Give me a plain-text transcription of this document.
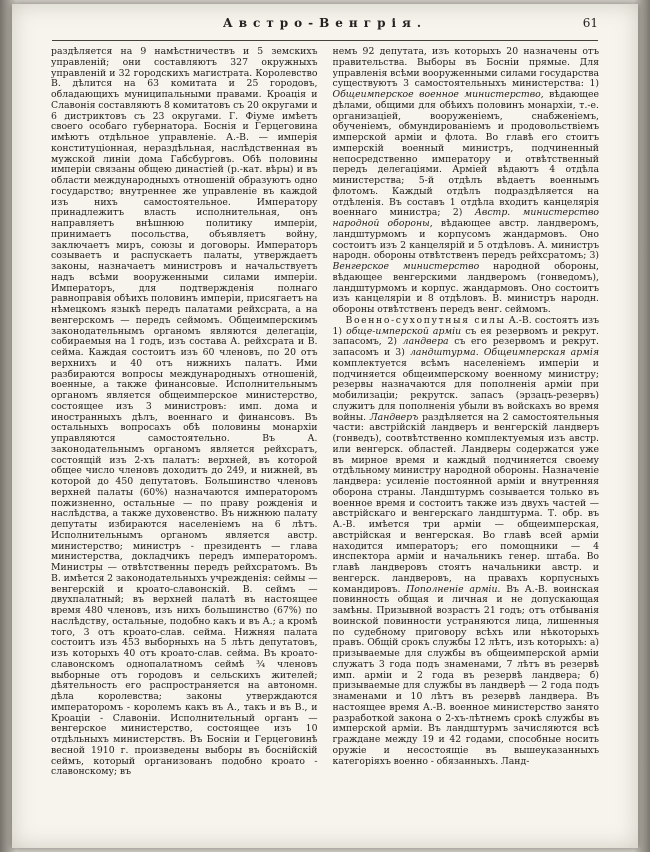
Австро-Венгрія.	61

раздѣляется на 9 намѣстничествъ и 5 земскихъ управленій; они составляютъ 327 окружныхъ управленій и 32 городскихъ магистрата. Королевство В. дѣлится на 63 комитата и 25 городовъ, обладающихъ муниципальными правами. Кроація и Славонія составляютъ 8 комитатовъ съ 20 округами и 6 дистриктовъ съ 23 округами. Г. Фіуме имѣетъ своего особаго губернатора. Боснія и Герцеговина имѣютъ отдѣльное управленіе. А.-В. — имперія конституціонная, нераздѣльная, наслѣдственная въ мужской линіи дома Габсбурговъ. Обѣ половины имперіи связаны общею династіей (р.-кат. вѣры) и въ области международныхъ отношеній образуютъ одно государство; внутреннее же управленіе въ каждой изъ нихъ самостоятельное. Императору принадлежитъ власть исполнительная, онъ направляетъ внѣшнюю политику имперіи, принимаетъ посольства, объявляетъ войну, заключаетъ миръ, союзы и договоры. Императоръ созываетъ и распускаетъ палаты, утверждаетъ законы, назначаетъ министровъ и начальствуетъ надъ всѣми вооруженными силами имперіи. Императоръ, для подтвержденія полнаго равноправія обѣихъ половинъ имперіи, присягаетъ на нѣмецкомъ языкѣ передъ палатами рейхсрата, а на венгерскомъ — передъ сеймомъ. Общеимперскимъ законодательнымъ органомъ являются делегаціи, собираемыя на 1 годъ, изъ состава А. рейхсрата и В. сейма. Каждая состоитъ изъ 60 членовъ, по 20 отъ верхнихъ и 40 отъ нижнихъ палатъ. Ими разбираются вопросы международныхъ отношеній, военные, а также финансовые. Исполнительнымъ органомъ является общеимперское министерство, состоящее изъ 3 министровъ: имп. дома и иностранныхъ дѣлъ, военнаго и финансовъ. Въ остальныхъ вопросахъ обѣ половины монархіи управляются самостоятельно. Въ А. законодательнымъ органомъ является рейхсратъ, состоящій изъ 2-хъ палатъ: верхней, въ которой общее число членовъ доходитъ до 249, и нижней, въ которой до 450 депутатовъ. Большинство членовъ верхней палаты (60%) назначаются императоромъ пожизненно, остальные — по праву рожденія и наслѣдства, а также духовенство. Въ нижнюю палату депутаты избираются населеніемъ на 6 лѣтъ. Исполнительнымъ органомъ является австр. министерство; министръ - президентъ — глава министерства, докладчикъ передъ императоромъ. Министры — отвѣтственны передъ рейхсратомъ. Въ В. имѣется 2 законодательныхъ учрежденія: сеймы — венгерскій и кроато-славонскій. В. сеймъ — двухпалатный; въ верхней палатѣ въ настоящее время 480 членовъ, изъ нихъ большинство (67%) по наслѣдству, остальные, подобно какъ и въ А.; а кромѣ того, 3 отъ кроато-слав. сейма. Нижняя палата состоитъ изъ 453 выборныхъ на 5 лѣтъ депутатовъ, изъ которыхъ 40 отъ кроато-слав. сейма. Въ кроато-славонскомъ однопалатномъ сеймѣ ¾ членовъ выборные отъ городовъ и сельскихъ жителей; дѣятельность его распространяется на автономн. дѣла королевства; законы утверждаются императоромъ - королемъ какъ въ А., такъ и въ В., и Кроаціи - Славоніи. Исполнительный органъ — венгерское министерство, состоящее изъ 10 отдѣльныхъ министерствъ. Въ Босніи и Герцеговинѣ весной 1910 г. произведены выборы въ боснійскій сеймъ, который организованъ подобно кроато - славонскому; въ

немъ 92 депутата, изъ которыхъ 20 назначены отъ правительства. Выборы въ Босніи прямые. Для управленія всѣми вооруженными силами государства существуютъ 3 самостоятельныхъ министерства: 1) Общеимперское военное министерство, вѣдающее дѣлами, общими для обѣихъ половинъ монархіи, т.-е. организаціей, вооруженіемъ, снабженіемъ, обученіемъ, обмундированіемъ и продовольствіемъ имперской арміи и флота. Во главѣ его стоитъ имперскій военный министръ, подчиненный непосредственно императору и отвѣтственный передъ делегаціями. Арміей вѣдаютъ 4 отдѣла министерства; 5-й отдѣлъ вѣдаетъ военнымъ флотомъ. Каждый отдѣлъ подраздѣляется на отдѣленія. Въ составъ 1 отдѣла входитъ канцелярія военнаго министра; 2) Австр. министерство народной обороны, вѣдающее австр. ландверомъ, ландштурмомъ и корпусомъ жандармовъ. Оно состоитъ изъ 2 канцелярій и 5 отдѣловъ. А. министръ народн. обороны отвѣтственъ передъ рейхсратомъ; 3) Венгерское министерство народной обороны, вѣдающее венгерскими ландверомъ (гонведомъ), ландштурмомъ и корпус. жандармовъ. Оно состоитъ изъ канцеляріи и 8 отдѣловъ. В. министръ народн. обороны отвѣтственъ передъ венг. сеймомъ.

Военно-сухопутныя силы А.-В. состоятъ изъ 1) обще-имперской арміи съ ея резервомъ и рекрут. запасомъ, 2) ландвера съ его резервомъ и рекрут. запасомъ и 3) ландштурма. Общеимперская армія комплектуется всѣмъ населеніемъ имперіи и подчиняется общеимперскому военному министру; резервы назначаются для пополненія арміи при мобилизаціи; рекрутск. запасъ (эрзацъ-резервъ) служитъ для пополненія убыли въ войскахъ во время войны. Ландверъ раздѣляется на 2 самостоятельныя части: австрійскій ландверъ и венгерскій ландверъ (гонведъ), соотвѣтственно комплектуемыя изъ австр. или венгерск. областей. Ландверы содержатся уже въ мирное время и каждый подчиняется своему отдѣльному министру народной обороны. Назначеніе ландвера: усиленіе постоянной арміи и внутренняя оборона страны. Ландштурмъ созывается только въ военное время и состоитъ также изъ двухъ частей — австрійскаго и венгерскаго ландштурма. Т. обр. въ А.-В. имѣется три арміи — общеимперская, австрійская и венгерская. Во главѣ всей арміи находится императоръ; его помощники — 4 инспектора арміи и начальникъ генер. штаба. Во главѣ ландверовъ стоятъ начальники австр. и венгерск. ландверовъ, на правахъ корпусныхъ командировъ. Пополненіе арміи. Въ А.-В. воинская повинность общая и личная и не допускающая замѣны. Призывной возрастъ 21 годъ; отъ отбыванія воинской повинности устраняются лица, лишенныя по судебному приговору всѣхъ или нѣкоторыхъ правъ. Общій срокъ службы 12 лѣтъ, изъ которыхъ: а) призываемые для службы въ общеимперской арміи служатъ 3 года подъ знаменами, 7 лѣтъ въ резервѣ имп. арміи и 2 года въ резервѣ ландвера; б) призываемые для службы въ ландверѣ — 2 года подъ знаменами и 10 лѣтъ въ резервѣ ландвера. Въ настоящее время А.-В. военное министерство занято разработкой закона о 2-хъ-лѣтнемъ срокѣ службы въ имперской арміи. Въ ландштурмъ зачисляются всѣ граждане между 19 и 42 годами, способные носить оружіе и несостоящіе въ вышеуказанныхъ категоріяхъ военно - обязанныхъ. Ланд-
